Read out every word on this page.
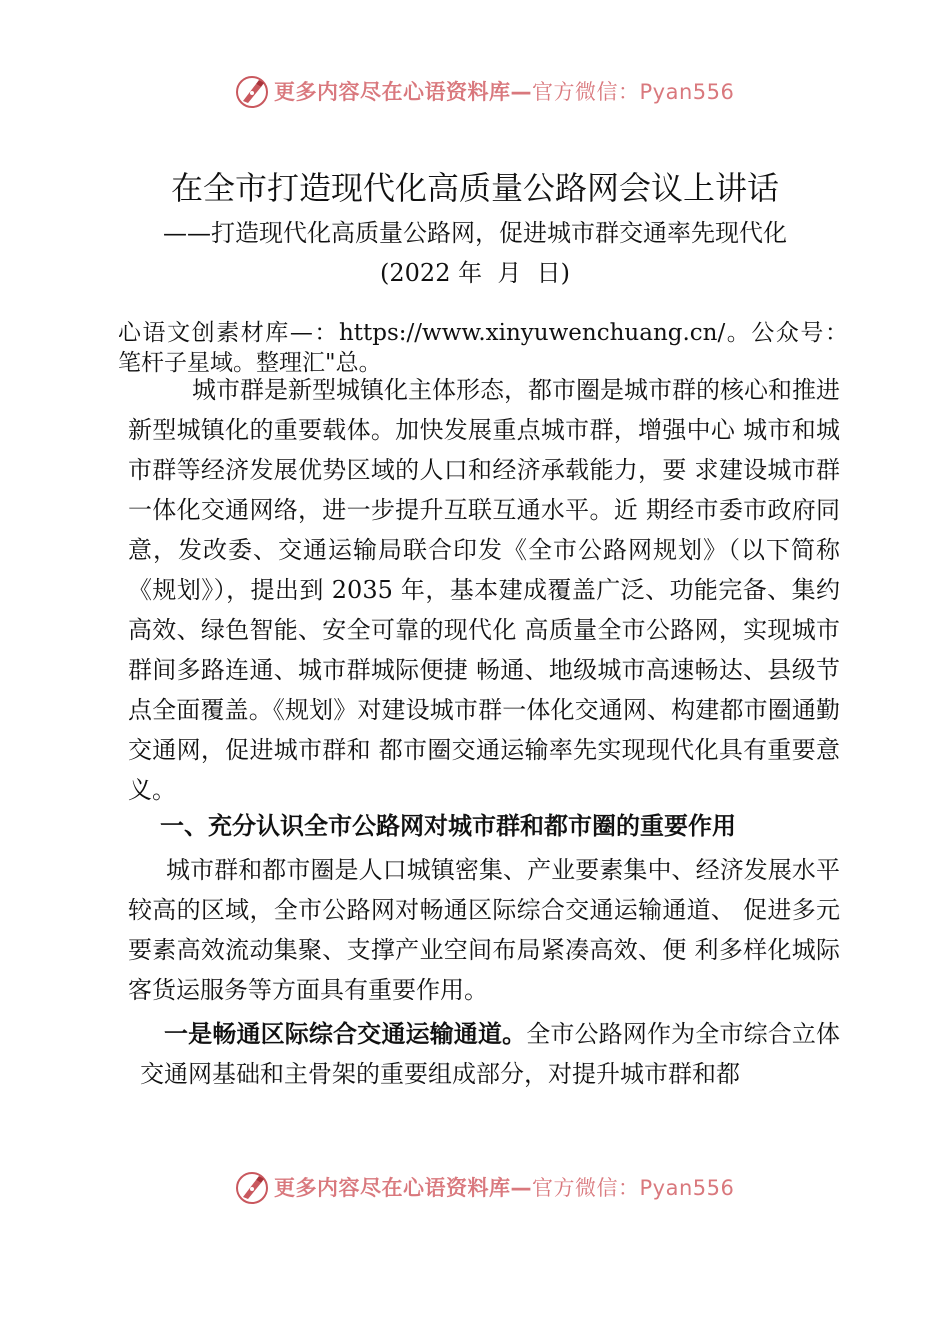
更多内容尽在心语资料库—官方微信：Pyan556
在全市打造现代化高质量公路网会议上讲话
——打造现代化高质量公路网，促进城市群交通率先现代化
(2022 年  月  日)

心语文创素材库—：https://www.xinyuwenchuang.cn/。公众号：笔杆子星域。整理汇"总。

城市群是新型城镇化主体形态，都市圈是城市群的核心和推进新型城镇化的重要载体。加快发展重点城市群，增强中心 城市和城市群等经济发展优势区域的人口和经济承载能力，要 求建设城市群一体化交通网络，进一步提升互联互通水平。近 期经市委市政府同意，发改委、交通运输局联合印发《全市公路网规划》（以下简称《规划》），提出到 2035 年，基本建成覆盖广泛、功能完备、集约高效、绿色智能、安全可靠的现代化 高质量全市公路网，实现城市群间多路连通、城市群城际便捷 畅通、地级城市高速畅达、县级节点全面覆盖。《规划》对建设城市群一体化交通网、构建都市圈通勤交通网，促进城市群和 都市圈交通运输率先实现现代化具有重要意义。

一、充分认识全市公路网对城市群和都市圈的重要作用

城市群和都市圈是人口城镇密集、产业要素集中、经济发展水平较高的区域，全市公路网对畅通区际综合交通运输通道、 促进多元要素高效流动集聚、支撑产业空间布局紧凑高效、便 利多样化城际客货运服务等方面具有重要作用。

一是畅通区际综合交通运输通道。全市公路网作为全市综合立体交通网基础和主骨架的重要组成部分，对提升城市群和都

更多内容尽在心语资料库—官方微信：Pyan556
